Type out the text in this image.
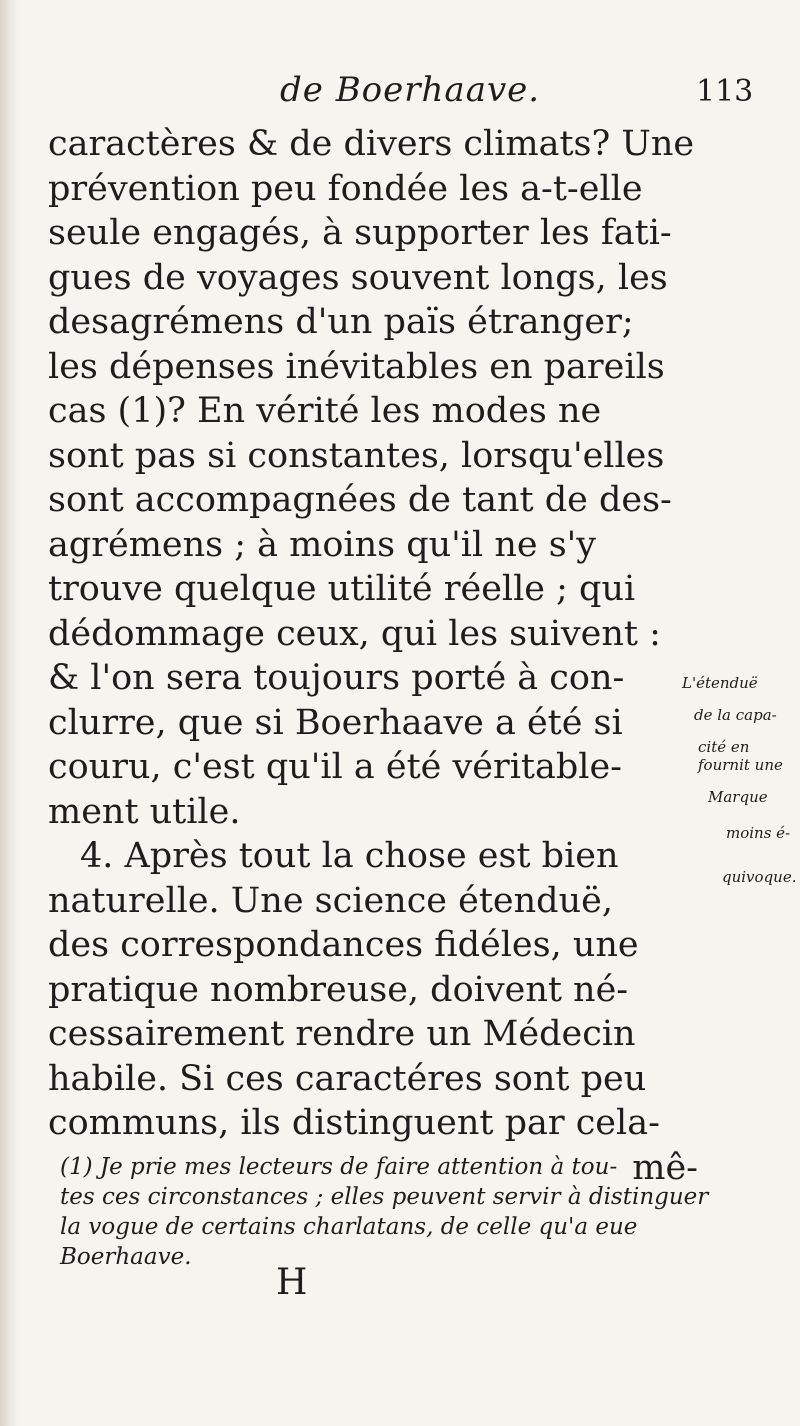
de Boerhaave.	113
caractères & de divers climats? Une
prévention peu fondée les a-t-elle
seule engagés, à supporter les fati-
gues de voyages souvent longs, les
desagrémens d'un païs étranger;
les dépenses inévitables en pareils
cas (1)? En vérité les modes ne
sont pas si constantes, lorsqu'elles
sont accompagnées de tant de des-
agrémens ; à moins qu'il ne s'y
trouve quelque utilité réelle ; qui
dédommage ceux, qui les suivent :
& l'on sera toujours porté à con-
clurre, que si Boerhaave a été si
couru, c'est qu'il a été véritable-
ment utile.
4. Après tout la chose est bien
naturelle. Une science étenduë,
des correspondances fidéles, une
pratique nombreuse, doivent né-
cessairement rendre un Médecin
habile. Si ces caractéres sont peu
communs, ils distinguent par cela-
mê-
L'étenduë
de la capa-
cité en
fournit une
Marque
moins é-
quivoque.
(1) Je prie mes lecteurs de faire attention à tou-
tes ces circonstances ; elles peuvent servir à distinguer
la vogue de certains charlatans, de celle qu'a eue
Boerhaave.
H
